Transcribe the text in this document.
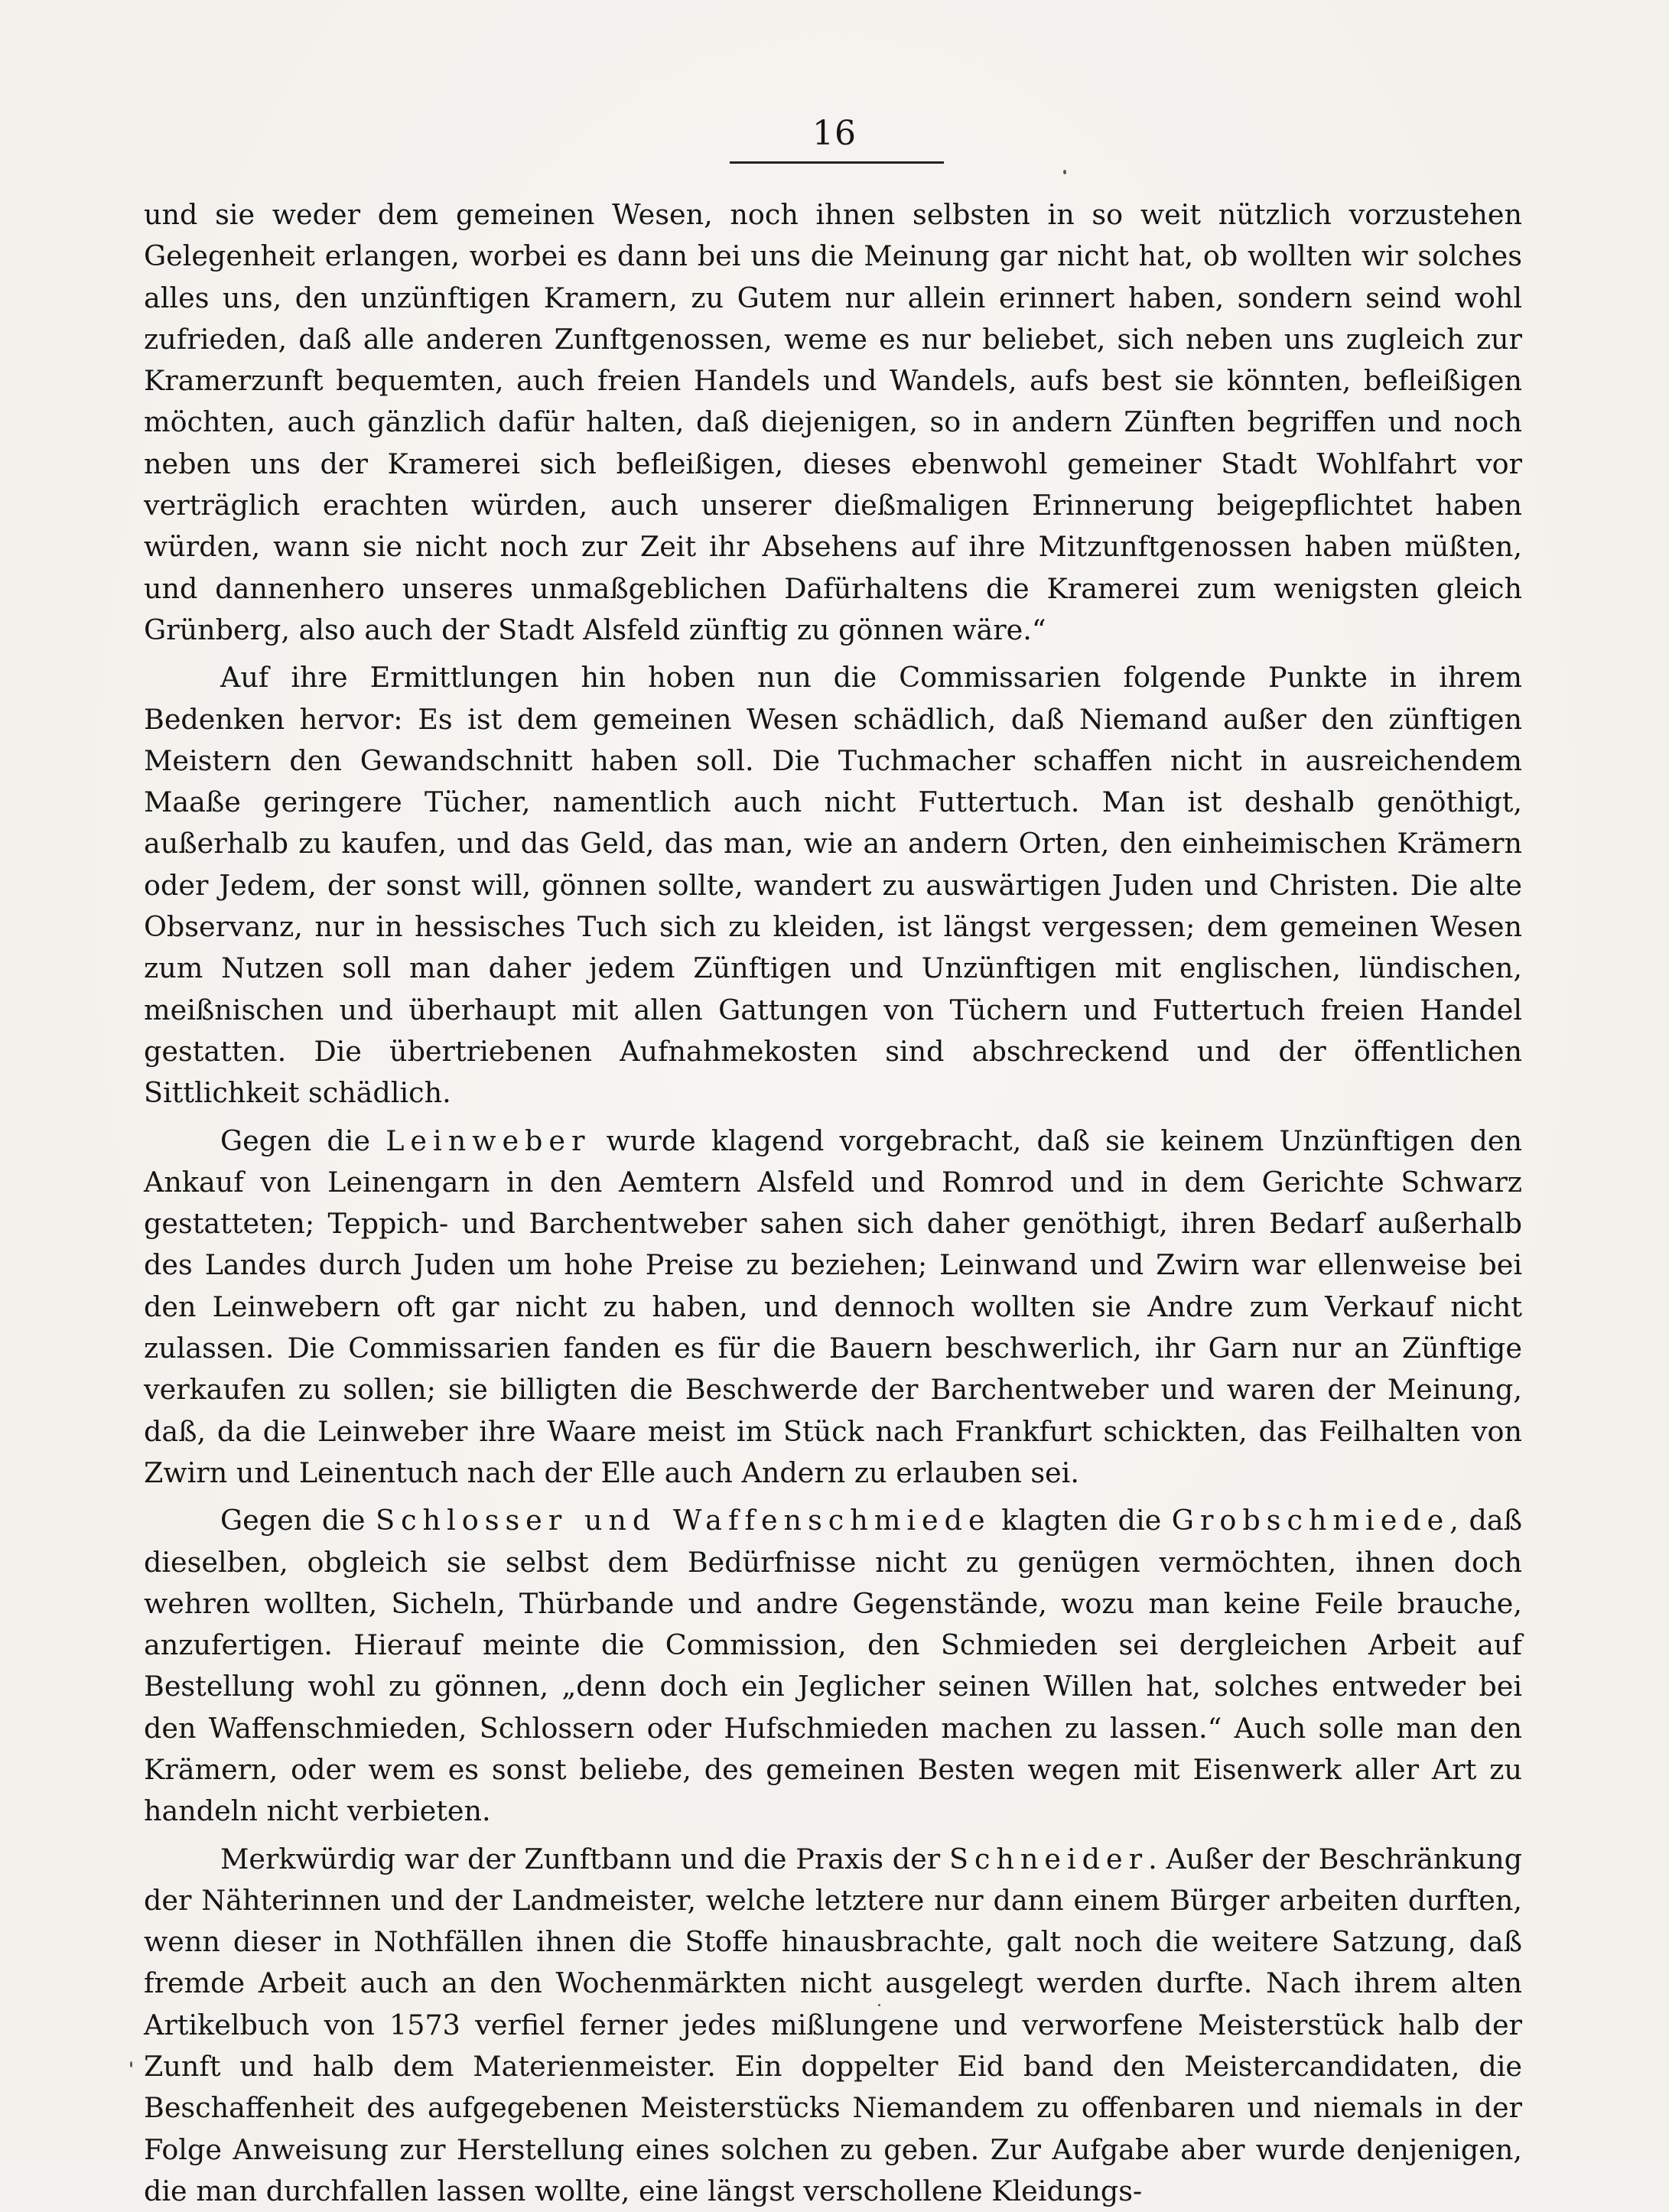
16

und sie weder dem gemeinen Wesen, noch ihnen selbsten in so weit nützlich vorzustehen Gelegenheit erlangen, worbei es dann bei uns die Meinung gar nicht hat, ob wollten wir solches alles uns, den unzünftigen Kramern, zu Gutem nur allein erinnert haben, sondern seind wohl zufrieden, daß alle anderen Zunftgenossen, weme es nur beliebet, sich neben uns zugleich zur Kramerzunft bequemten, auch freien Handels und Wandels, aufs best sie könnten, befleißigen möchten, auch gänzlich dafür halten, daß diejenigen, so in andern Zünften begriffen und noch neben uns der Kramerei sich befleißigen, dieses ebenwohl gemeiner Stadt Wohlfahrt vor verträglich erachten würden, auch unserer dießmaligen Erinnerung beigepflichtet haben würden, wann sie nicht noch zur Zeit ihr Absehens auf ihre Mitzunftgenossen haben müßten, und dannenhero unseres unmaßgeblichen Dafürhaltens die Kramerei zum wenigsten gleich Grünberg, also auch der Stadt Alsfeld zünftig zu gönnen wäre.“

Auf ihre Ermittlungen hin hoben nun die Commissarien folgende Punkte in ihrem Bedenken hervor: Es ist dem gemeinen Wesen schädlich, daß Niemand außer den zünftigen Meistern den Gewandschnitt haben soll. Die Tuchmacher schaffen nicht in ausreichendem Maaße geringere Tücher, namentlich auch nicht Futtertuch. Man ist deshalb genöthigt, außerhalb zu kaufen, und das Geld, das man, wie an andern Orten, den einheimischen Krämern oder Jedem, der sonst will, gönnen sollte, wandert zu auswärtigen Juden und Christen. Die alte Observanz, nur in hessisches Tuch sich zu kleiden, ist längst vergessen; dem gemeinen Wesen zum Nutzen soll man daher jedem Zünftigen und Unzünftigen mit englischen, lündischen, meißnischen und überhaupt mit allen Gattungen von Tüchern und Futtertuch freien Handel gestatten. Die übertriebenen Aufnahmekosten sind abschreckend und der öffentlichen Sittlichkeit schädlich.

Gegen die Leinweber wurde klagend vorgebracht, daß sie keinem Unzünftigen den Ankauf von Leinengarn in den Aemtern Alsfeld und Romrod und in dem Gerichte Schwarz gestatteten; Teppich- und Barchentweber sahen sich daher genöthigt, ihren Bedarf außerhalb des Landes durch Juden um hohe Preise zu beziehen; Leinwand und Zwirn war ellenweise bei den Leinwebern oft gar nicht zu haben, und dennoch wollten sie Andre zum Verkauf nicht zulassen. Die Commissarien fanden es für die Bauern beschwerlich, ihr Garn nur an Zünftige verkaufen zu sollen; sie billigten die Beschwerde der Barchentweber und waren der Meinung, daß, da die Leinweber ihre Waare meist im Stück nach Frankfurt schickten, das Feilhalten von Zwirn und Leinentuch nach der Elle auch Andern zu erlauben sei.

Gegen die Schlosser und Waffenschmiede klagten die Grobschmiede, daß dieselben, obgleich sie selbst dem Bedürfnisse nicht zu genügen vermöchten, ihnen doch wehren wollten, Sicheln, Thürbande und andre Gegenstände, wozu man keine Feile brauche, anzufertigen. Hierauf meinte die Commission, den Schmieden sei dergleichen Arbeit auf Bestellung wohl zu gönnen, „denn doch ein Jeglicher seinen Willen hat, solches entweder bei den Waffenschmieden, Schlossern oder Hufschmieden machen zu lassen.“ Auch solle man den Krämern, oder wem es sonst beliebe, des gemeinen Besten wegen mit Eisenwerk aller Art zu handeln nicht verbieten.

Merkwürdig war der Zunftbann und die Praxis der Schneider. Außer der Beschränkung der Nähterinnen und der Landmeister, welche letztere nur dann einem Bürger arbeiten durften, wenn dieser in Nothfällen ihnen die Stoffe hinausbrachte, galt noch die weitere Satzung, daß fremde Arbeit auch an den Wochenmärkten nicht ausgelegt werden durfte. Nach ihrem alten Artikelbuch von 1573 verfiel ferner jedes mißlungene und verworfene Meisterstück halb der Zunft und halb dem Materienmeister. Ein doppelter Eid band den Meistercandidaten, die Beschaffenheit des aufgegebenen Meisterstücks Niemandem zu offenbaren und niemals in der Folge Anweisung zur Herstellung eines solchen zu geben. Zur Aufgabe aber wurde denjenigen, die man durchfallen lassen wollte, eine längst verschollene Kleidungs-
